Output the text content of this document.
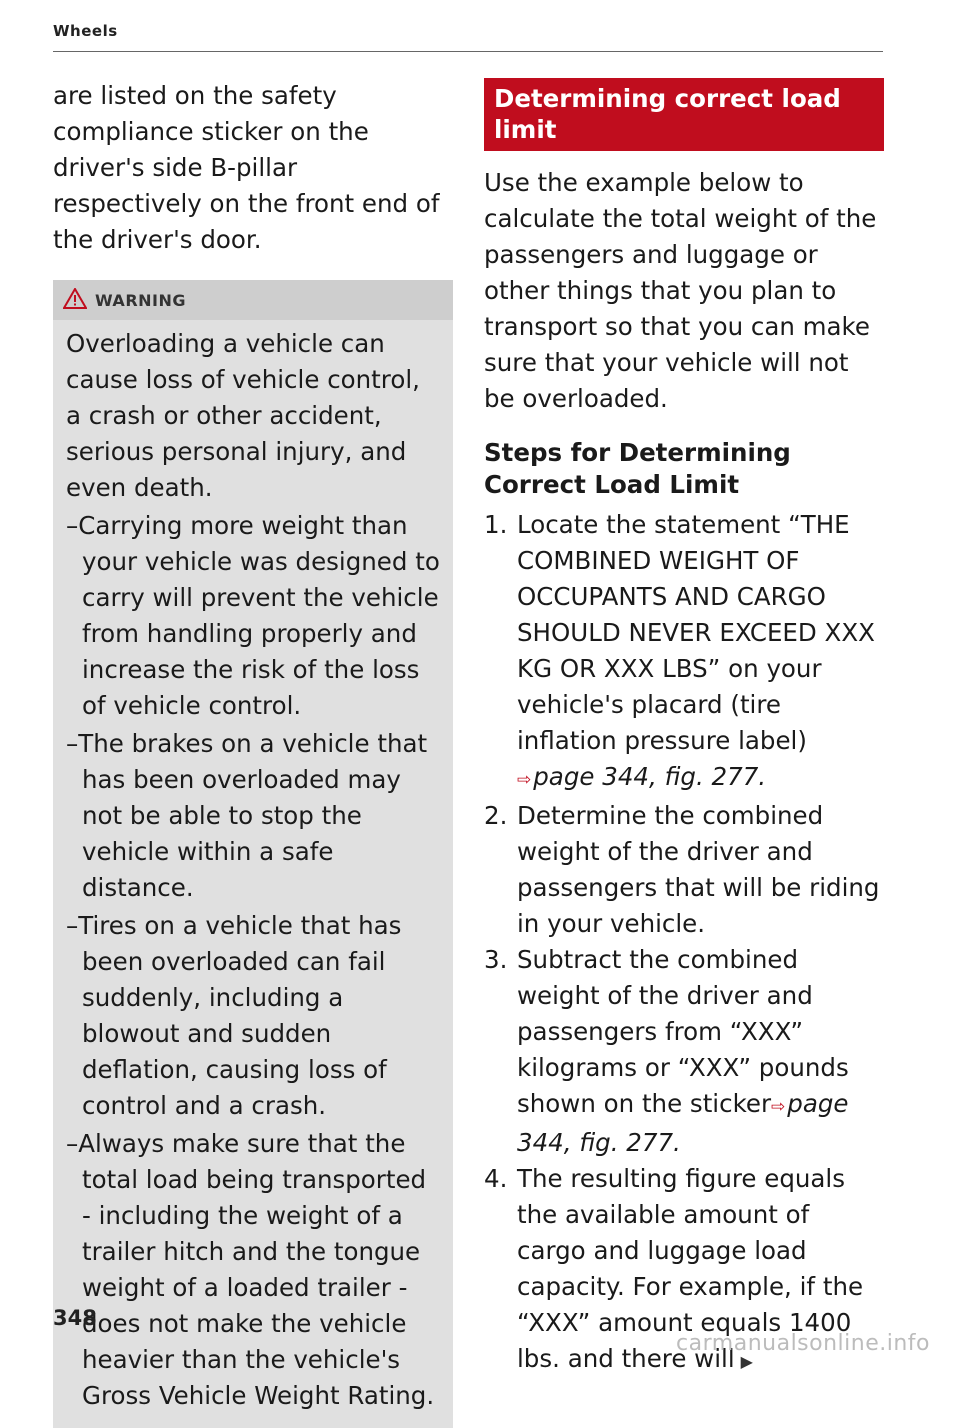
Wheels

are listed on the safety compliance sticker on the driver's side B-pillar respectively on the front end of the driver's door.

WARNING

Overloading a vehicle can cause loss of vehicle control, a crash or other accident, serious personal injury, and even death.

–Carrying more weight than your vehicle was designed to carry will prevent the vehicle from handling properly and increase the risk of the loss of vehicle control.
–The brakes on a vehicle that has been overloaded may not be able to stop the vehicle within a safe distance.
–Tires on a vehicle that has been overloaded can fail suddenly, including a blowout and sudden deflation, causing loss of control and a crash.
–Always make sure that the total load being transported - including the weight of a trailer hitch and the tongue weight of a loaded trailer - does not make the vehicle heavier than the vehicle's Gross Vehicle Weight Rating.
Determining correct load limit

Use the example below to calculate the total weight of the passengers and luggage or other things that you plan to transport so that you can make sure that your vehicle will not be overloaded.

Steps for Determining Correct Load Limit
1. Locate the statement “THE COMBINED WEIGHT OF OCCUPANTS AND CARGO SHOULD NEVER EXCEED XXX KG OR XXX LBS” on your vehicle's placard (tire inflation pressure label) ⇨page 344, fig. 277.
2. Determine the combined weight of the driver and passengers that will be riding in your vehicle.
3. Subtract the combined weight of the driver and passengers from “XXX” kilograms or “XXX” pounds shown on the sticker⇨page 344, fig. 277.
4. The resulting figure equals the available amount of cargo and luggage load capacity. For example, if the “XXX” amount equals 1400 lbs. and there will ▶
348
carmanualsonline.info
